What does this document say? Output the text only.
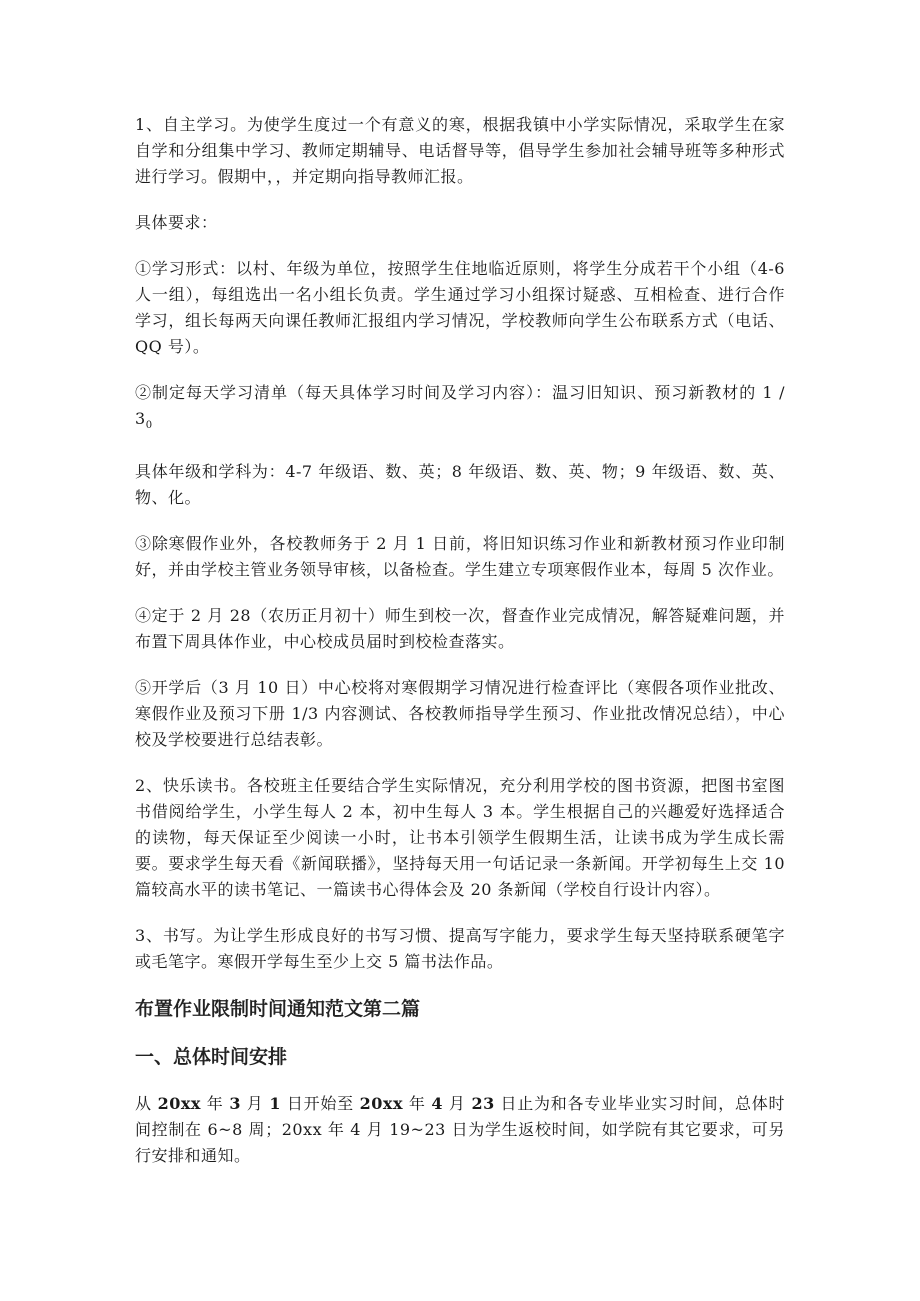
1、自主学习。为使学生度过一个有意义的寒，根据我镇中小学实际情况，采取学生在家自学和分组集中学习、教师定期辅导、电话督导等，倡导学生参加社会辅导班等多种形式进行学习。假期中，，并定期向指导教师汇报。

具体要求：

①学习形式：以村、年级为单位，按照学生住地临近原则，将学生分成若干个小组（4-6 人一组），每组选出一名小组长负责。学生通过学习小组探讨疑惑、互相检查、进行合作学习，组长每两天向课任教师汇报组内学习情况，学校教师向学生公布联系方式（电话、QQ 号）。

②制定每天学习清单（每天具体学习时间及学习内容）：温习旧知识、预习新教材的 $1 / 3_0$

具体年级和学科为：4-7 年级语、数、英；8 年级语、数、英、物；9 年级语、数、英、物、化。

③除寒假作业外，各校教师务于 2 月 1 日前，将旧知识练习作业和新教材预习作业印制好，并由学校主管业务领导审核，以备检查。学生建立专项寒假作业本，每周 5 次作业。

④定于 2 月 28（农历正月初十）师生到校一次，督查作业完成情况，解答疑难问题，并布置下周具体作业，中心校成员届时到校检查落实。

⑤开学后（3 月 10 日）中心校将对寒假期学习情况进行检查评比（寒假各项作业批改、寒假作业及预习下册 1/3 内容测试、各校教师指导学生预习、作业批改情况总结），中心校及学校要进行总结表彰。

2、快乐读书。各校班主任要结合学生实际情况，充分利用学校的图书资源，把图书室图书借阅给学生，小学生每人 2 本，初中生每人 3 本。学生根据自己的兴趣爱好选择适合的读物，每天保证至少阅读一小时，让书本引领学生假期生活，让读书成为学生成长需要。要求学生每天看《新闻联播》，坚持每天用一句话记录一条新闻。开学初每生上交 10 篇较高水平的读书笔记、一篇读书心得体会及 20 条新闻（学校自行设计内容）。

3、书写。为让学生形成良好的书写习惯、提高写字能力，要求学生每天坚持联系硬笔字或毛笔字。寒假开学每生至少上交 5 篇书法作品。

布置作业限制时间通知范文第二篇
一、总体时间安排

从 20xx 年 3 月 1 日开始至 20xx 年 4 月 23 日止为和各专业毕业实习时间，总体时间控制在 6~8 周；20xx 年 4 月 19~23 日为学生返校时间，如学院有其它要求，可另行安排和通知。
